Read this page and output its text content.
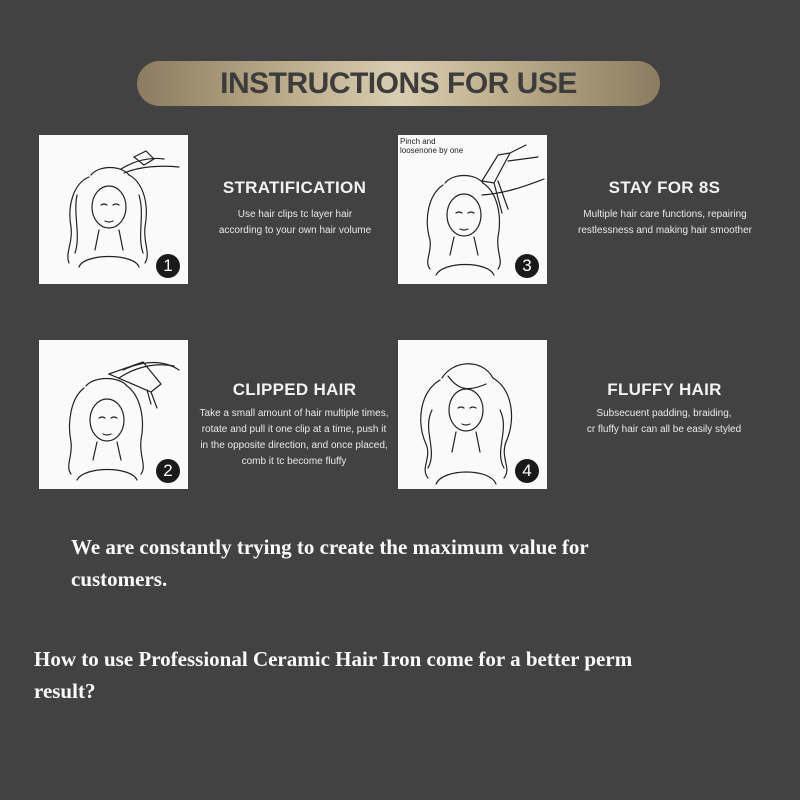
INSTRUCTIONS FOR USE
1
STRATIFICATION
Use hair clips tc layer hair
according to your own hair volume
Pinch and
loosenone by one
3
STAY FOR 8S
Multiple hair care functions, repairing
restlessness and making hair smoother
2
CLIPPED HAIR
Take a small amount of hair multiple times,
rotate and pull it one clip at a time, push it
in the opposite direction, and once placed,
comb it tc become fluffy	4
FLUFFY HAIR
Subsecuent padding, braiding,
cr fluffy hair can all be easily styled
We are constantly trying to create the maximum value for
customers.
How to use Professional Ceramic Hair Iron come for a better perm
result?
